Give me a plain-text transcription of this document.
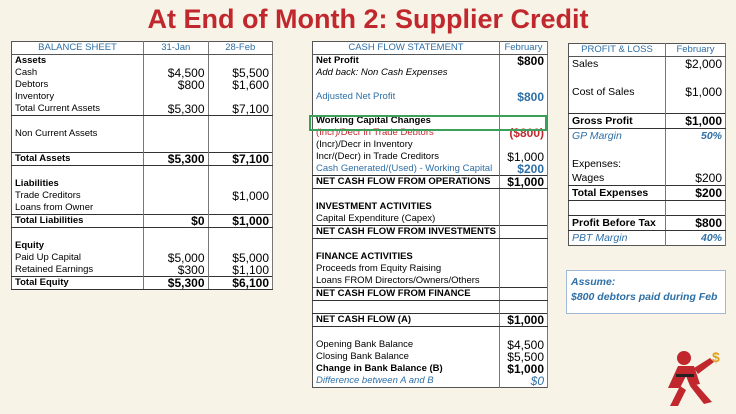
At End of Month 2: Supplier Credit
BALANCE SHEET	31-Jan	28-Feb
Assets		
Cash	$4,500	$5,500
Debtors	$800	$1,600
Inventory		
Total Current Assets	$5,300	$7,100

Non Current Assets		

Total Assets	$5,300	$7,100

Liabilities		
Trade Creditors		$1,000
Loans from Owner		
Total Liabilities	$0	$1,000

Equity		
Paid Up Capital	$5,000	$5,000
Retained Earnings	$300	$1,100
Total Equity	$5,300	$6,100
CASH FLOW STATEMENT	February
Net Profit	$800
Add back: Non Cash Expenses	

Adjusted Net Profit	$800

Working Capital Changes	
(Incr)/Decr in Trade Debtors	($800)
(Incr)/Decr in Inventory	
Incr/(Decr) in Trade Creditors	$1,000
Cash Generated/(Used) - Working Capital	$200
NET CASH FLOW FROM OPERATIONS	$1,000

INVESTMENT ACTIVITIES	
Capital Expenditure (Capex)	
NET CASH FLOW FROM INVESTMENTS	

FINANCE ACTIVITIES	
Proceeds from Equity Raising	
Loans FROM Directors/Owners/Others	
NET CASH FLOW FROM FINANCE	

NET CASH FLOW (A)	$1,000

Opening Bank Balance	$4,500
Closing Bank Balance	$5,500
Change in Bank Balance (B)	$1,000
Difference between A and B	$0
PROFIT & LOSS	February
Sales	$2,000

Cost of Sales	$1,000

Gross Profit	$1,000
GP Margin	50%

Expenses:	
Wages	$200
Total Expenses	$200

Profit Before Tax	$800
PBT Margin	40%
Assume:
$800 debtors paid during Feb
$
